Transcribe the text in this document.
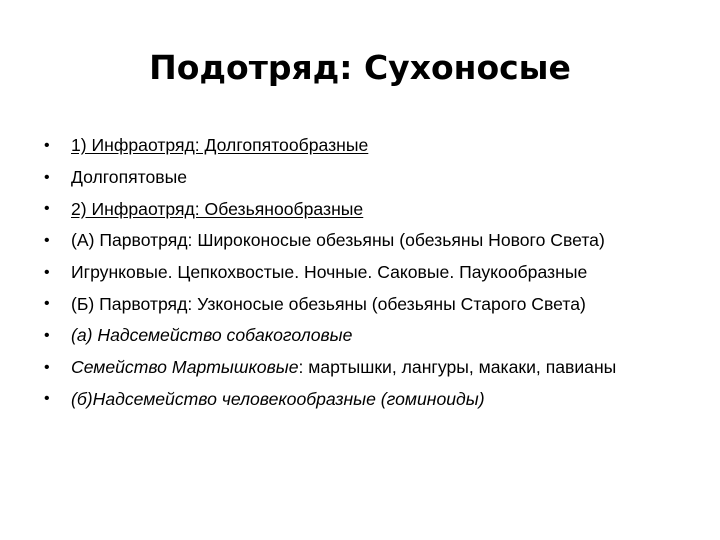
Подотряд: Сухоносые
•	1) Инфраотряд: Долгопятообразные
•	Долгопятовые
•	2) Инфраотряд: Обезьянообразные
•	(А) Парвотряд: Широконосые обезьяны (обезьяны Нового Света)
•	Игрунковые. Цепкохвостые. Ночные. Саковые. Паукообразные
•	(Б) Парвотряд: Узконосые обезьяны (обезьяны Старого Света)
•	(а) Надсемейство собакоголовые
•	Семейство Мартышковые: мартышки, лангуры, макаки, павианы
•	(б)Надсемейство человекообразные (гоминоиды)
